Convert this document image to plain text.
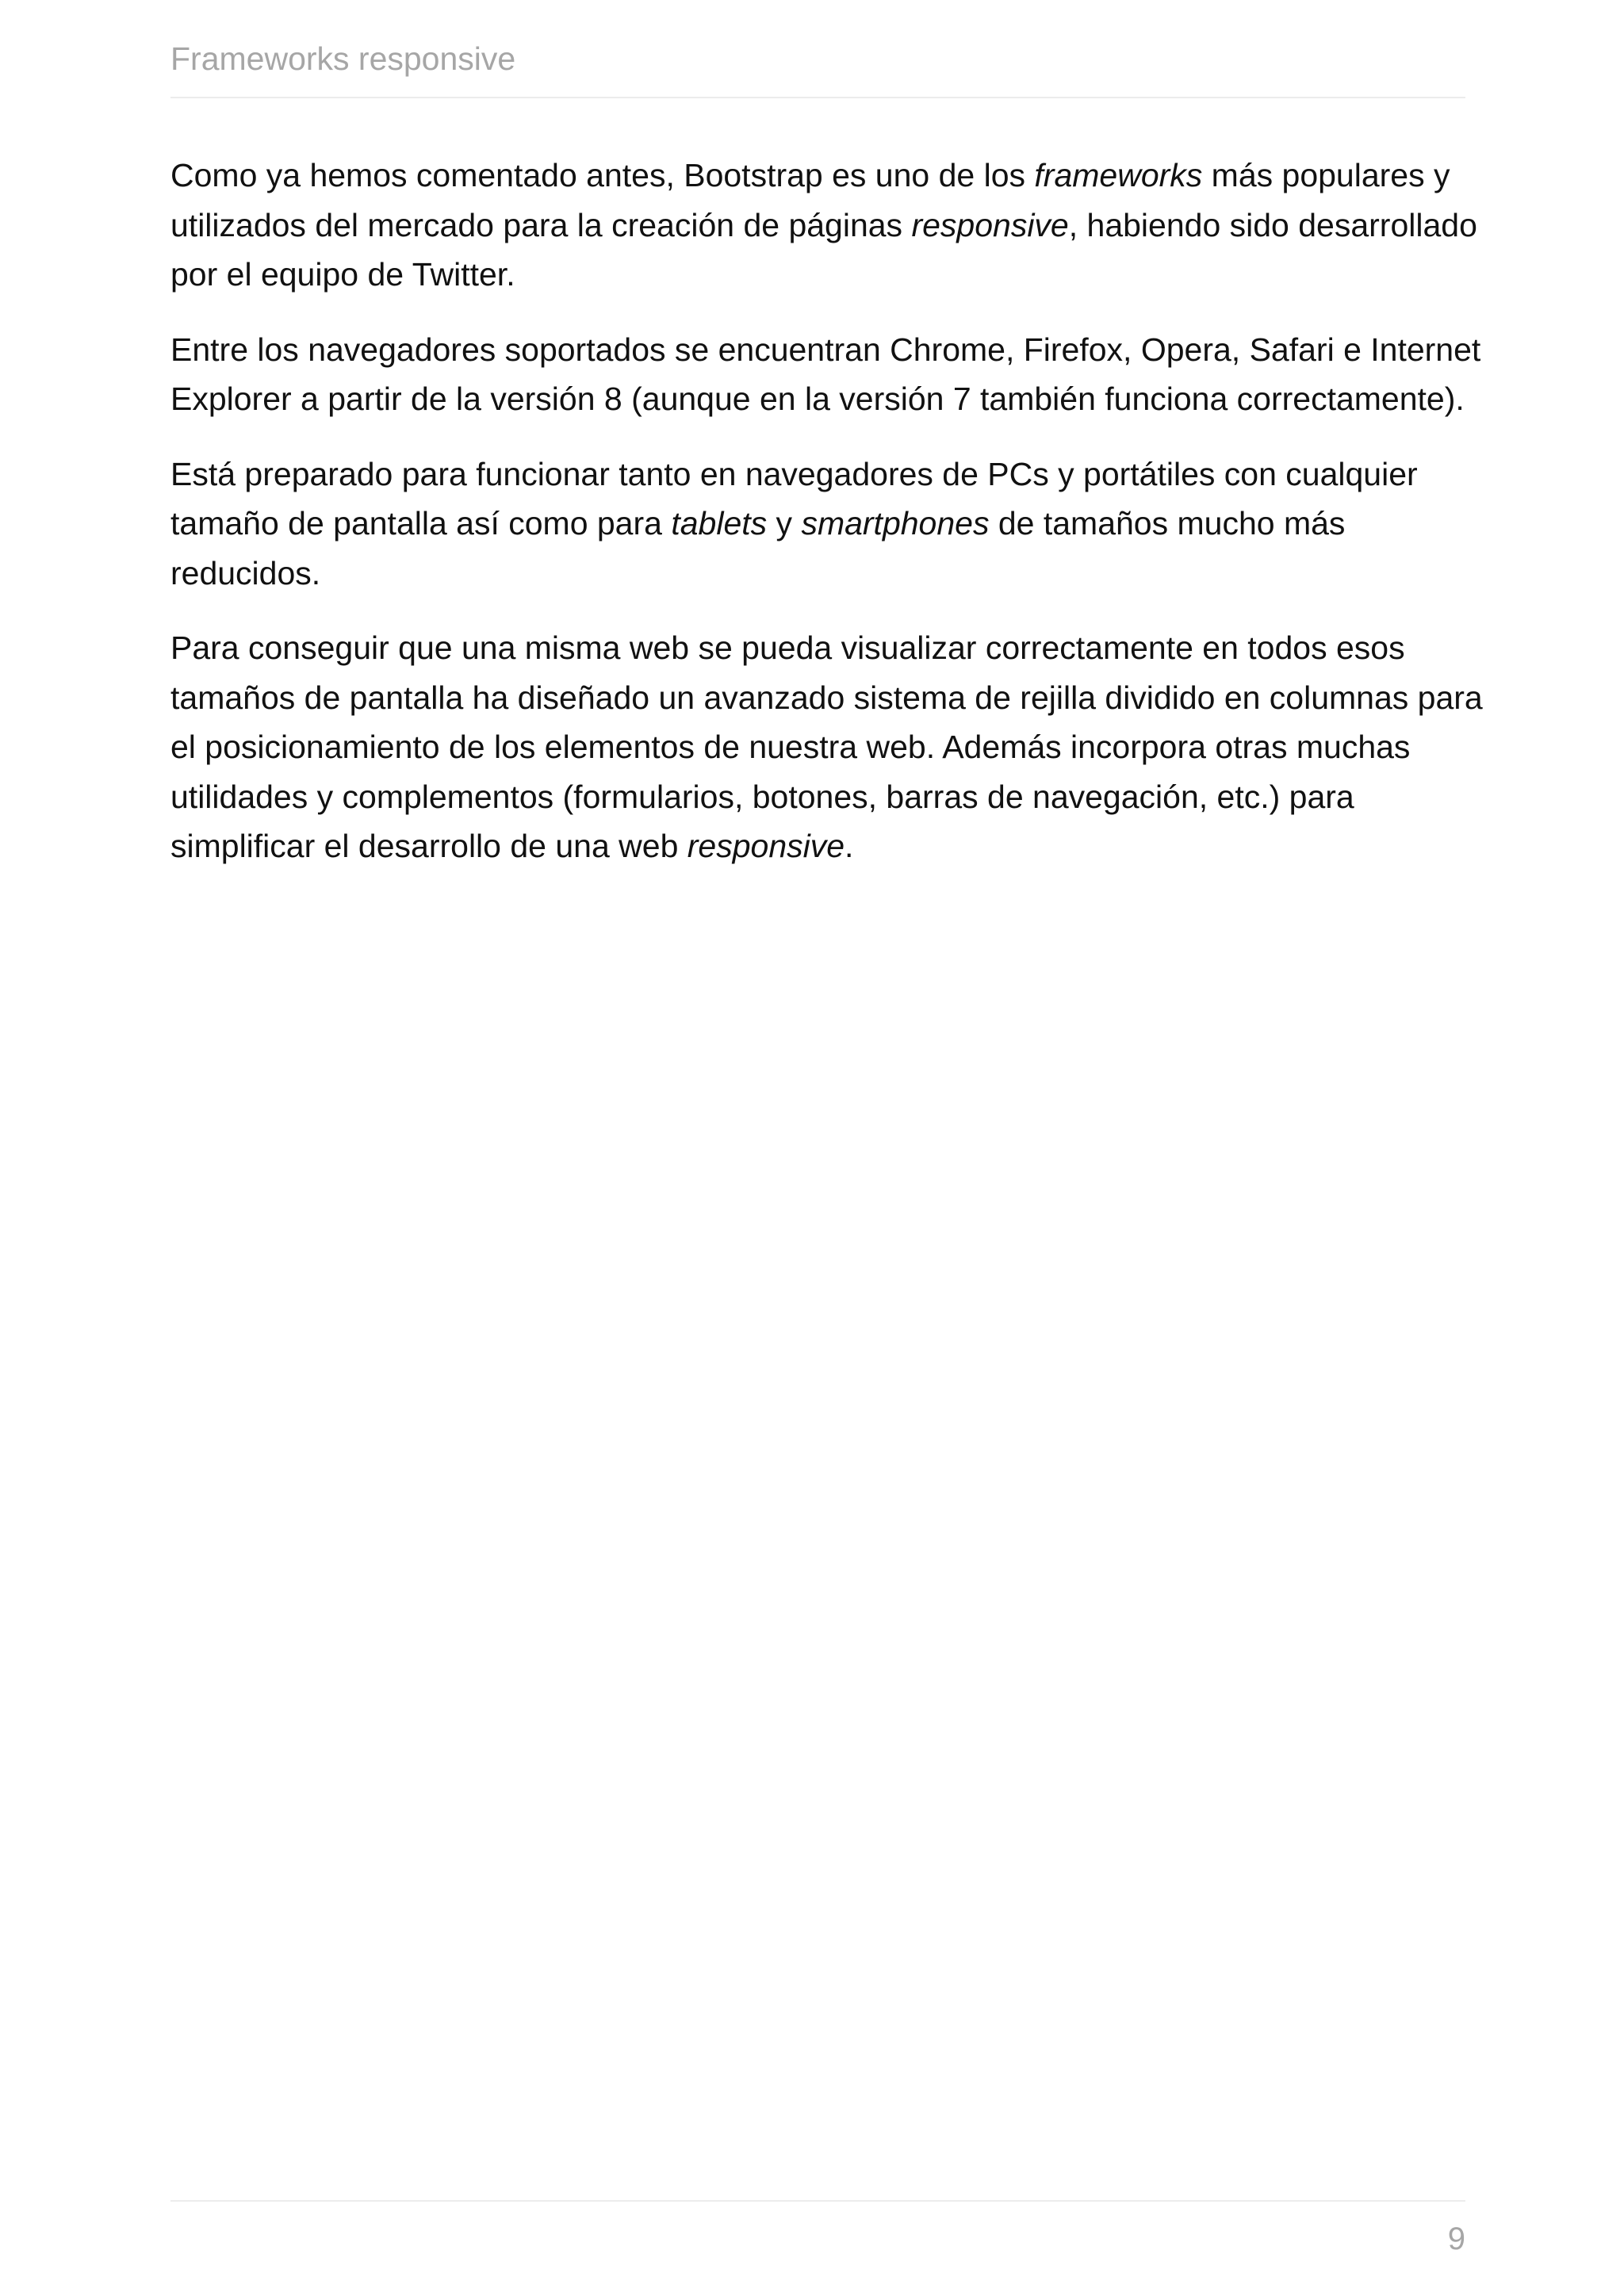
Frameworks responsive

Como ya hemos comentado antes, Bootstrap es uno de los frameworks más populares y
utilizados del mercado para la creación de páginas responsive, habiendo sido desarrollado
por el equipo de Twitter.

Entre los navegadores soportados se encuentran Chrome, Firefox, Opera, Safari e Internet
Explorer a partir de la versión 8 (aunque en la versión 7 también funciona correctamente).

Está preparado para funcionar tanto en navegadores de PCs y portátiles con cualquier
tamaño de pantalla así como para tablets y smartphones de tamaños mucho más
reducidos.

Para conseguir que una misma web se pueda visualizar correctamente en todos esos
tamaños de pantalla ha diseñado un avanzado sistema de rejilla dividido en columnas para
el posicionamiento de los elementos de nuestra web. Además incorpora otras muchas
utilidades y complementos (formularios, botones, barras de navegación, etc.) para
simplificar el desarrollo de una web responsive.

9
